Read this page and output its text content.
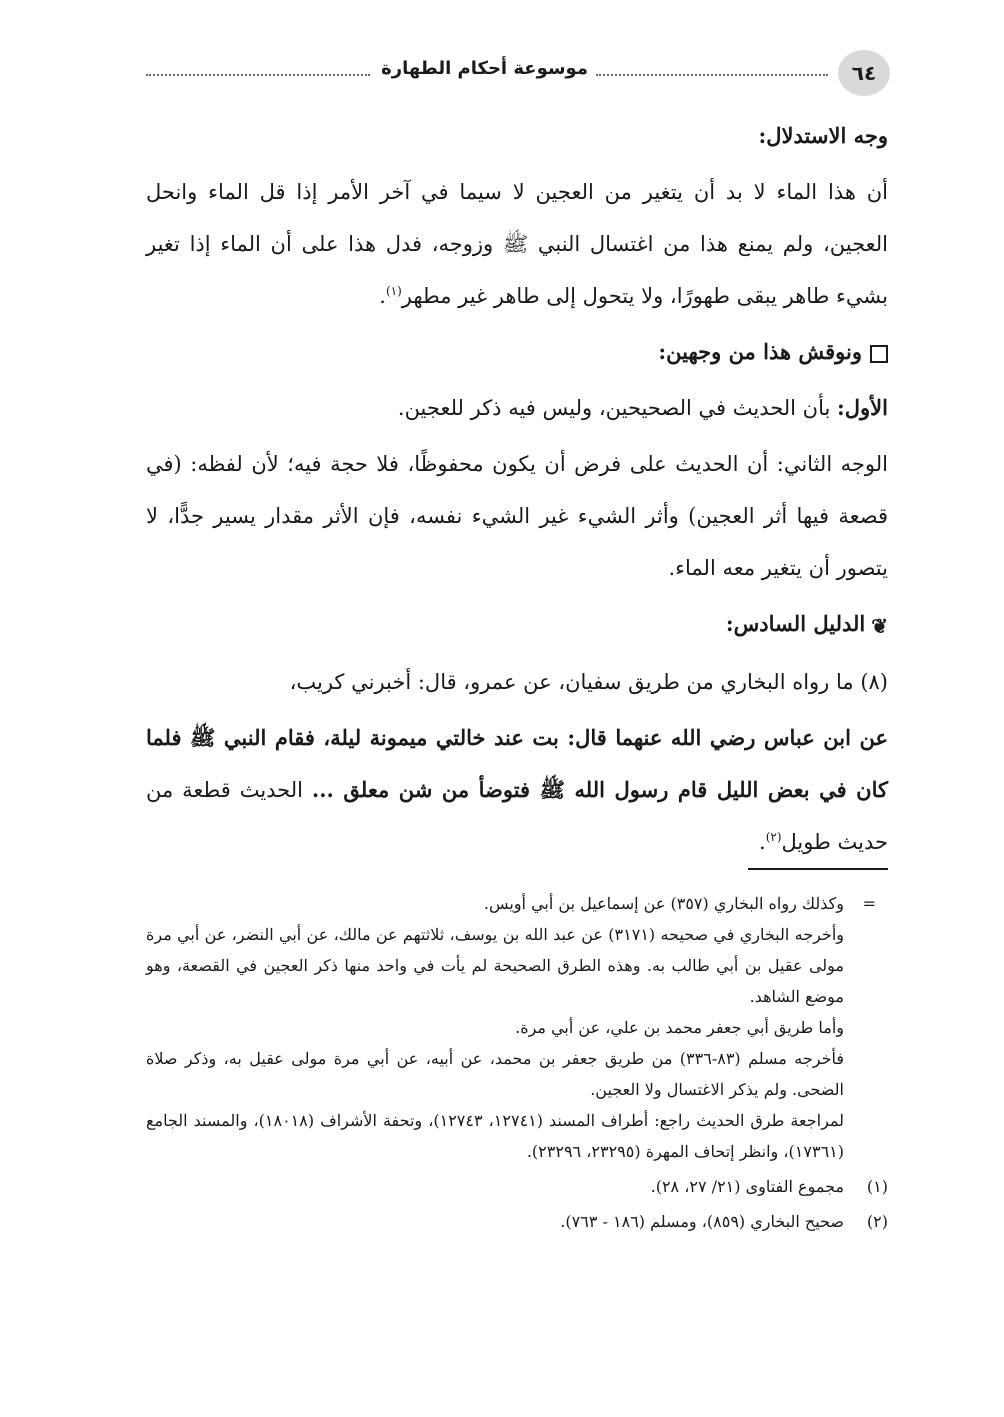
٦٤
موسوعة أحكام الطهارة

وجه الاستدلال:

أن هذا الماء لا بد أن يتغير من العجين لا سيما في آخر الأمر إذا قل الماء وانحل العجين، ولم يمنع هذا من اغتسال النبي ﷺ وزوجه، فدل هذا على أن الماء إذا تغير بشيء طاهر يبقى طهورًا، ولا يتحول إلى طاهر غير مطهر$^{(١)}$.

ونوقش هذا من وجهين:

الأول: بأن الحديث في الصحيحين، وليس فيه ذكر للعجين.

الوجه الثاني: أن الحديث على فرض أن يكون محفوظًا، فلا حجة فيه؛ لأن لفظه: (في قصعة فيها أثر العجين) وأثر الشيء غير الشيء نفسه، فإن الأثر مقدار يسير جدًّا، لا يتصور أن يتغير معه الماء.

❦الدليل السادس:

(٨) ما رواه البخاري من طريق سفيان، عن عمرو، قال: أخبرني كريب،

عن ابن عباس رضي الله عنهما قال: بت عند خالتي ميمونة ليلة، فقام النبي ﷺ فلما كان في بعض الليل قام رسول الله ﷺ فتوضأ من شن معلق ... الحديث قطعة من حديث طويل$^{(٢)}$.

=
وكذلك رواه البخاري (٣٥٧) عن إسماعيل بن أبي أويس.

وأخرجه البخاري في صحيحه (٣١٧١) عن عبد الله بن يوسف، ثلاثتهم عن مالك، عن أبي النضر، عن أبي مرة مولى عقيل بن أبي طالب به. وهذه الطرق الصحيحة لم يأت في واحد منها ذكر العجين في القصعة، وهو موضع الشاهد.

وأما طريق أبي جعفر محمد بن علي، عن أبي مرة.

فأخرجه مسلم (٨٣-٣٣٦) من طريق جعفر بن محمد، عن أبيه، عن أبي مرة مولى عقيل به، وذكر صلاة الضحى. ولم يذكر الاغتسال ولا العجين.

لمراجعة طرق الحديث راجع: أطراف المسند (١٢٧٤١، ١٢٧٤٣)، وتحفة الأشراف (١٨٠١٨)، والمسند الجامع (١٧٣٦١)، وانظر إتحاف المهرة (٢٣٢٩٥، ٢٣٢٩٦).

(١)
مجموع الفتاوى (٢١/ ٢٧، ٢٨).

(٢)
صحيح البخاري (٨٥٩)، ومسلم (١٨٦ - ٧٦٣).
